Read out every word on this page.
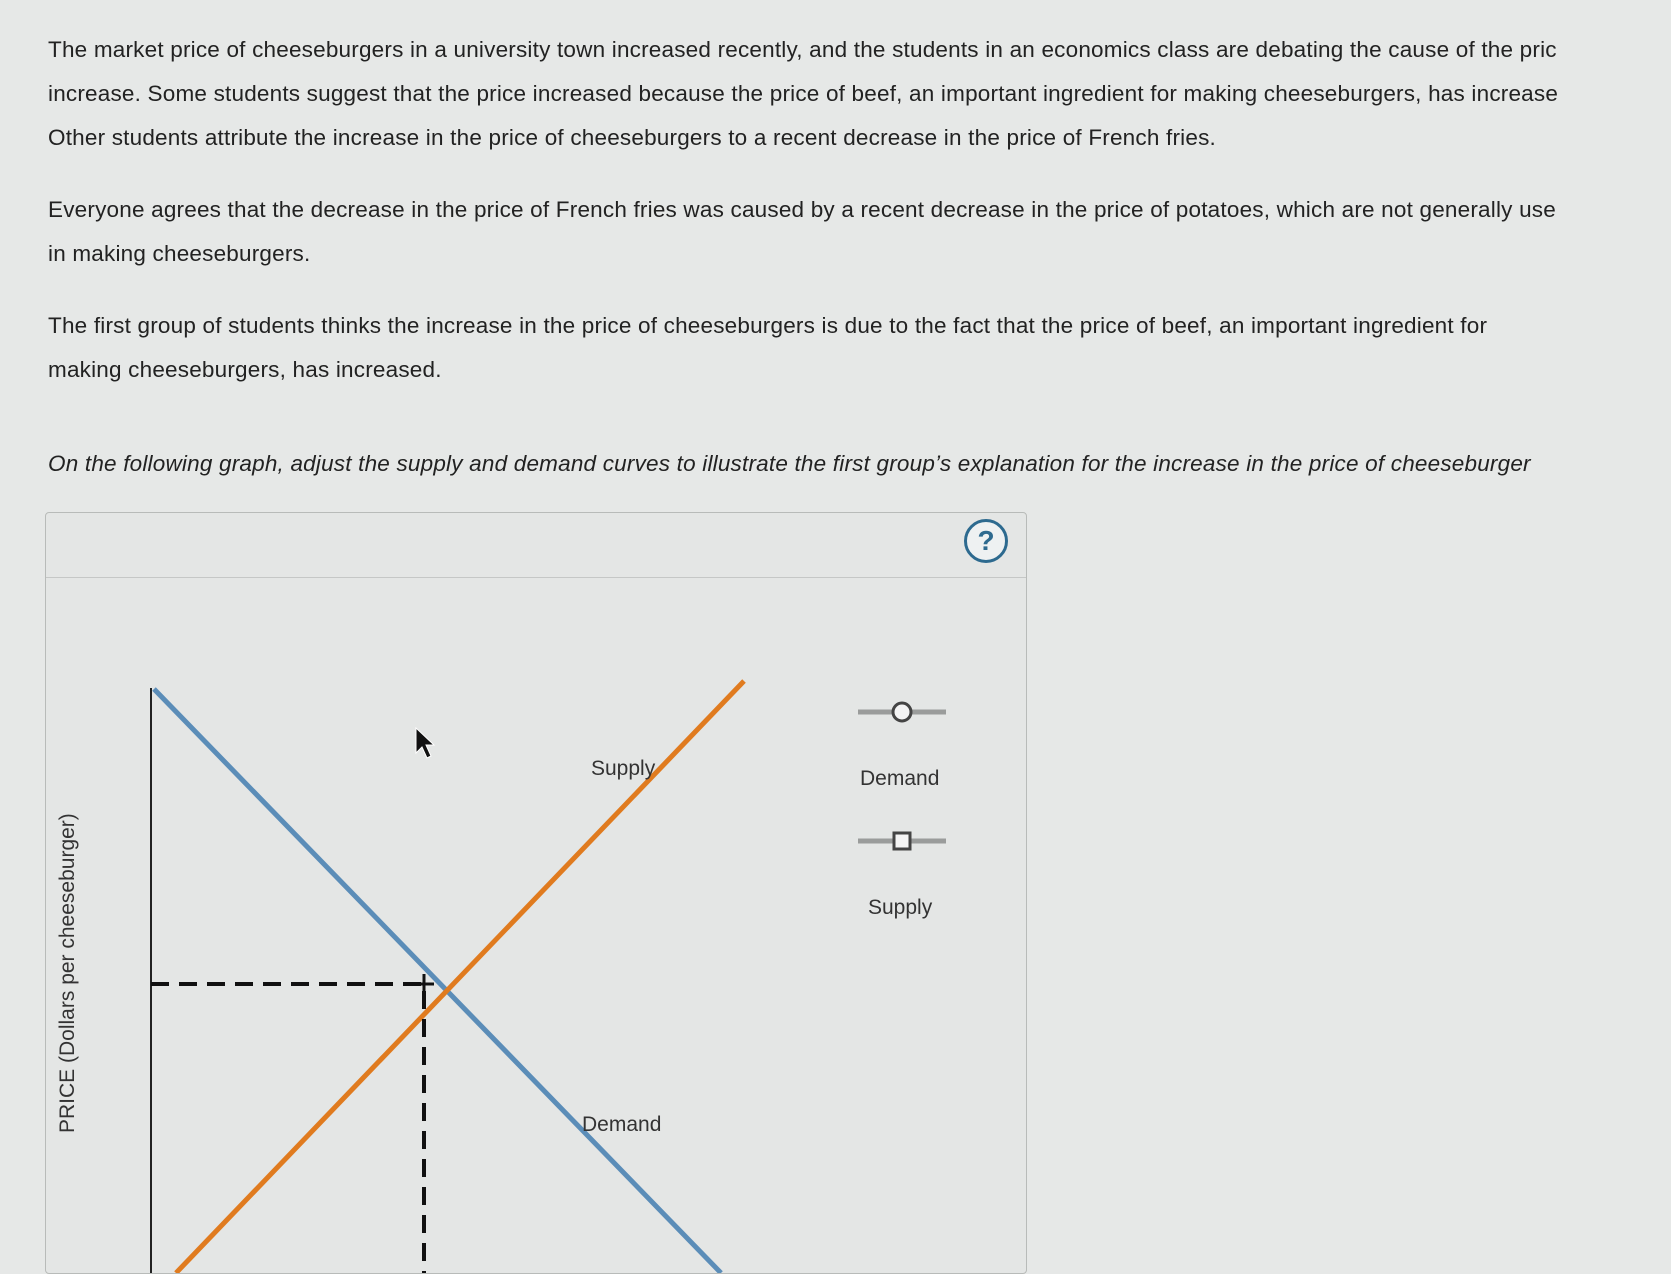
The market price of cheeseburgers in a university town increased recently, and the students in an economics class are debating the cause of the pric

increase. Some students suggest that the price increased because the price of beef, an important ingredient for making cheeseburgers, has increase

Other students attribute the increase in the price of cheeseburgers to a recent decrease in the price of French fries.

Everyone agrees that the decrease in the price of French fries was caused by a recent decrease in the price of potatoes, which are not generally use

in making cheeseburgers.

The first group of students thinks the increase in the price of cheeseburgers is due to the fact that the price of beef, an important ingredient for

making cheeseburgers, has increased.

On the following graph, adjust the supply and demand curves to illustrate the first group’s explanation for the increase in the price of cheeseburger

?
PRICE (Dollars per cheeseburger)
Supply
Demand
Demand
Supply
